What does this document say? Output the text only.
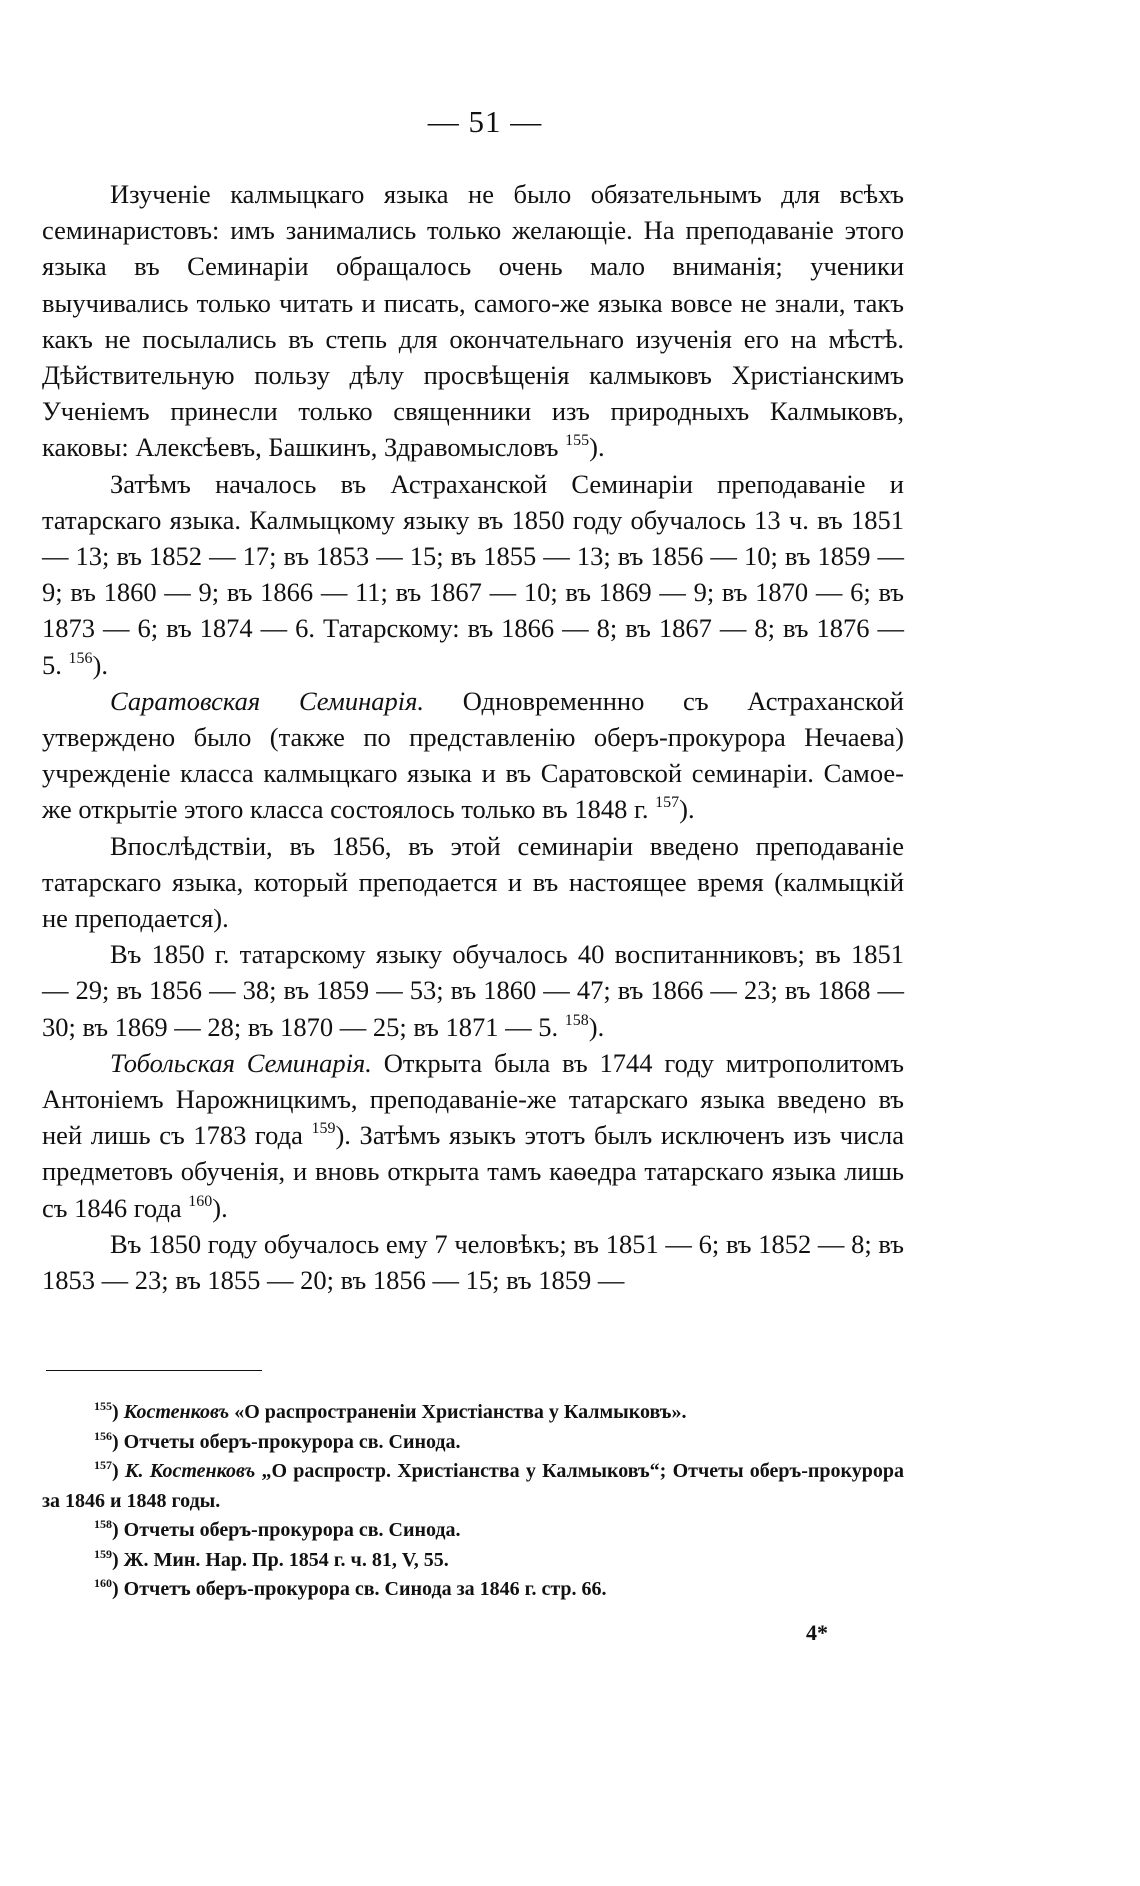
— 51 —

Изученіе калмыцкаго языка не было обязательнымъ для всѣхъ семинаристовъ: имъ занимались только желающіе. На преподаваніе этого языка въ Семинаріи обращалось очень мало вниманія; ученики выучивались только читать и писать, самого-же языка вовсе не знали, такъ какъ не посылались въ степь для окончательнаго изученія его на мѣстѣ. Дѣйствительную пользу дѣлу просвѣщенія калмыковъ Христіанскимъ Ученіемъ принесли только священники изъ природныхъ Калмыковъ, каковы: Алексѣевъ, Башкинъ, Здравомысловъ $^{155}$).

Затѣмъ началось въ Астраханской Семинаріи преподаваніе и татарскаго языка. Калмыцкому языку въ 1850 году обучалось 13 ч. въ 1851 — 13; въ 1852 — 17; въ 1853 — 15; въ 1855 — 13; въ 1856 — 10; въ 1859 — 9; въ 1860 — 9; въ 1866 — 11; въ 1867 — 10; въ 1869 — 9; въ 1870 — 6; въ 1873 — 6; въ 1874 — 6. Татарскому: въ 1866 — 8; въ 1867 — 8; въ 1876 — 5. $^{156}$).

Саратовская Семинарія. Одновременнно съ Астраханской утверждено было (также по представленію оберъ-прокурора Нечаева) учрежденіе класса калмыцкаго языка и въ Саратовской семинаріи. Самое-же открытіе этого класса состоялось только въ 1848 г. $^{157}$).

Впослѣдствіи, въ 1856, въ этой семинаріи введено преподаваніе татарскаго языка, который преподается и въ настоящее время (калмыцкій не преподается).

Въ 1850 г. татарскому языку обучалось 40 воспитанниковъ; въ 1851 — 29; въ 1856 — 38; въ 1859 — 53; въ 1860 — 47; въ 1866 — 23; въ 1868 — 30; въ 1869 — 28; въ 1870 — 25; въ 1871 — 5. $^{158}$).

Тобольская Семинарія. Открыта была въ 1744 году митрополитомъ Антоніемъ Нарожницкимъ, преподаваніе-же татарскаго языка введено въ ней лишь съ 1783 года $^{159}$). Затѣмъ языкъ этотъ былъ исключенъ изъ числа предметовъ обученія, и вновь открыта тамъ каѳедра татарскаго языка лишь съ 1846 года $^{160}$).

Въ 1850 году обучалось ему 7 человѣкъ; въ 1851 — 6; въ 1852 — 8; въ 1853 — 23; въ 1855 — 20; въ 1856 — 15; въ 1859 —

$^{155}$) Костенковъ «О распространеніи Христіанства у Калмыковъ».

$^{156}$) Отчеты оберъ-прокурора св. Синода.

$^{157}$) К. Костенковъ „О распростр. Христіанства у Калмыковъ“; Отчеты оберъ-прокурора за 1846 и 1848 годы.

$^{158}$) Отчеты оберъ-прокурора св. Синода.

$^{159}$) Ж. Мин. Нар. Пр. 1854 г. ч. 81, V, 55.

$^{160}$) Отчетъ оберъ-прокурора св. Синода за 1846 г. стр. 66.

4*
